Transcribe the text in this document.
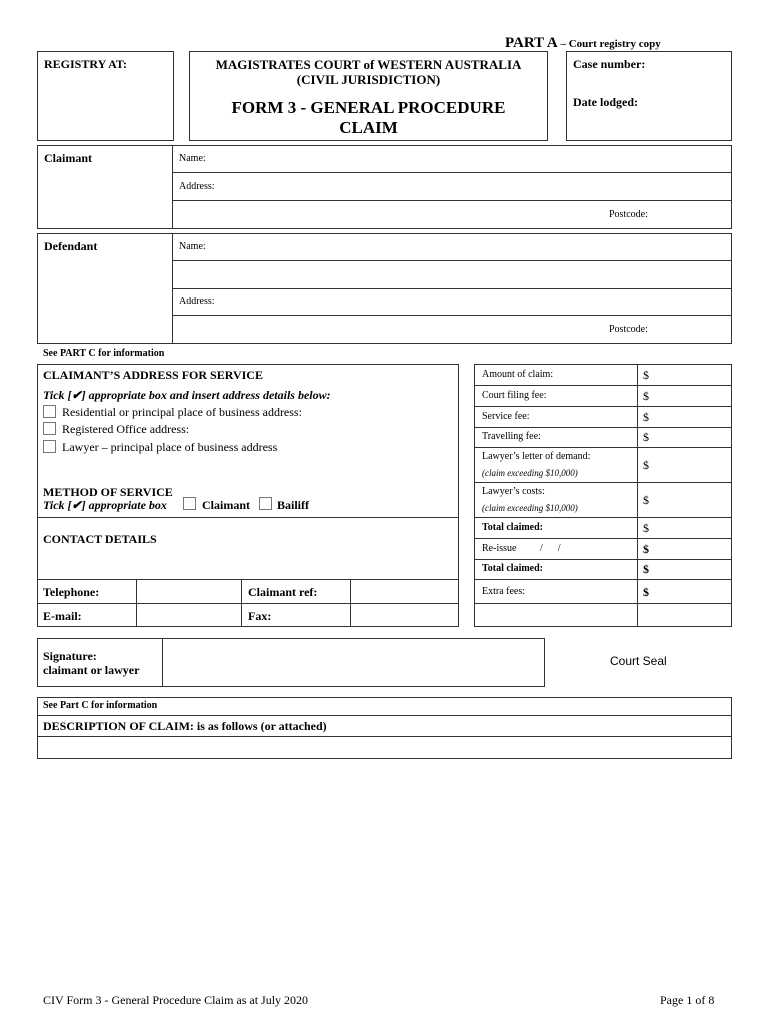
PART A – Court registry copy
REGISTRY AT:	MAGISTRATES COURT of WESTERN AUSTRALIA
(CIVIL JURISDICTION)
FORM 3 - GENERAL PROCEDURE
CLAIM
Case number:
Date lodged:
Claimant	Name:
Address:
Postcode:
Defendant	Name:
Address:
Postcode:
See PART C for information
CLAIMANT’S ADDRESS FOR SERVICE
Tick [✔] appropriate box and insert address details below:
Residential or principal place of business address:
Registered Office address:
Lawyer – principal place of business address
METHOD OF SERVICE
Tick [✔] appropriate box	Claimant Bailiff
CONTACT DETAILS
Telephone:	Claimant ref:
E-mail:	Fax:
Amount of claim:	$
Court filing fee:	$
Service fee:	$
Travelling fee:	$
Lawyer’s letter of demand:
(claim exceeding $10,000)
$
Lawyer’s costs:
(claim exceeding $10,000)
$
Total claimed:	$
Re-issue /      /	$
Total claimed:	$
Extra fees:	$
Signature:
claimant or lawyer
Court Seal
See Part C for information
DESCRIPTION OF CLAIM: is as follows (or attached)
CIV Form 3 - General Procedure Claim as at July 2020	Page 1 of 8
